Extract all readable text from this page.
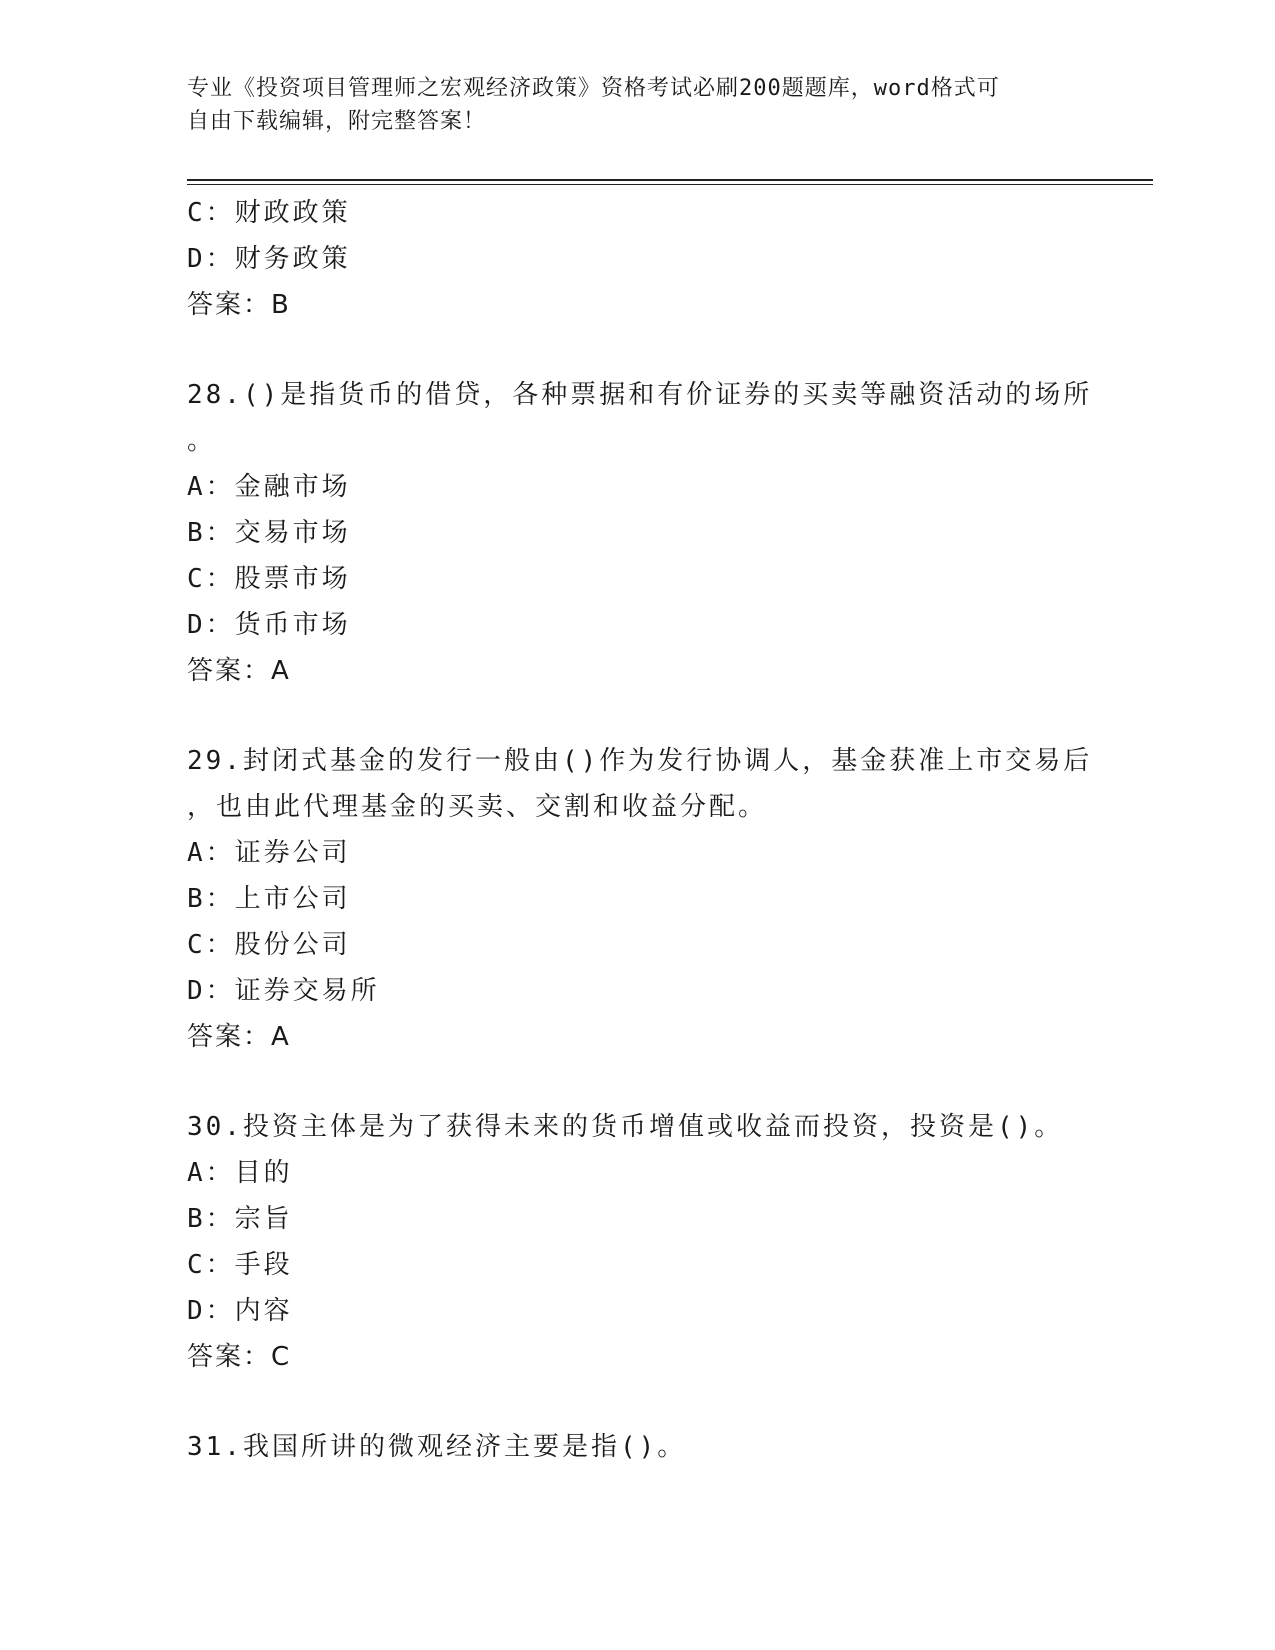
专业《投资项目管理师之宏观经济政策》资格考试必刷200题题库，word格式可
自由下载编辑，附完整答案！
C：财政政策
D：财务政策
答案：B
28.()是指货币的借贷，各种票据和有价证券的买卖等融资活动的场所
。
A：金融市场
B：交易市场
C：股票市场
D：货币市场
答案：A
29.封闭式基金的发行一般由()作为发行协调人，基金获准上市交易后
，也由此代理基金的买卖、交割和收益分配。
A：证券公司
B：上市公司
C：股份公司
D：证券交易所
答案：A
30.投资主体是为了获得未来的货币增值或收益而投资，投资是()。
A：目的
B：宗旨
C：手段
D：内容
答案：C
31.我国所讲的微观经济主要是指()。
